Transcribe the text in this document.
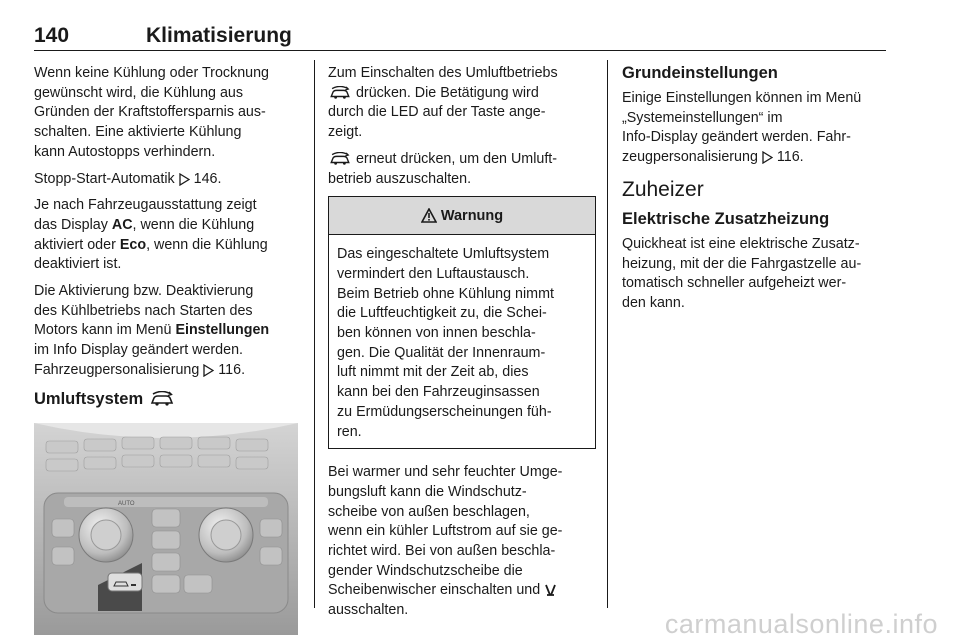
140	Klimatisierung

Wenn keine Kühlung oder Trocknung
gewünscht wird, die Kühlung aus
Gründen der Kraftstoffersparnis aus-
schalten. Eine aktivierte Kühlung
kann Autostopps verhindern.

Stopp-Start-Automatik 146.

Je nach Fahrzeugausstattung zeigt
das Display AC, wenn die Kühlung
aktiviert oder Eco, wenn die Kühlung
deaktiviert ist.

Die Aktivierung bzw. Deaktivierung
des Kühlbetriebs nach Starten des
Motors kann im Menü Einstellungen
im Info Display geändert werden.
Fahrzeugpersonalisierung 116.

Umluftsystem
AUTO

Zum Einschalten des Umluftbetriebs
drücken. Die Betätigung wird
durch die LED auf der Taste ange-
zeigt.

erneut drücken, um den Umluft-
betrieb auszuschalten.

Warnung

Das eingeschaltete Umluftsystem
vermindert den Luftaustausch.
Beim Betrieb ohne Kühlung nimmt
die Luftfeuchtigkeit zu, die Schei-
ben können von innen beschla-
gen. Die Qualität der Innenraum-
luft nimmt mit der Zeit ab, dies
kann bei den Fahrzeuginsassen
zu Ermüdungserscheinungen füh-
ren.

Bei warmer und sehr feuchter Umge-
bungsluft kann die Windschutz-
scheibe von außen beschlagen,
wenn ein kühler Luftstrom auf sie ge-
richtet wird. Bei von außen beschla-
gender Windschutzscheibe die
Scheibenwischer einschalten und
ausschalten.

Grundeinstellungen

Einige Einstellungen können im Menü
„Systemeinstellungen“ im
Info-Display geändert werden. Fahr-
zeugpersonalisierung 116.

Zuheizer
Elektrische Zusatzheizung

Quickheat ist eine elektrische Zusatz-
heizung, mit der die Fahrgastzelle au-
tomatisch schneller aufgeheizt wer-
den kann.

carmanualsonline.info
